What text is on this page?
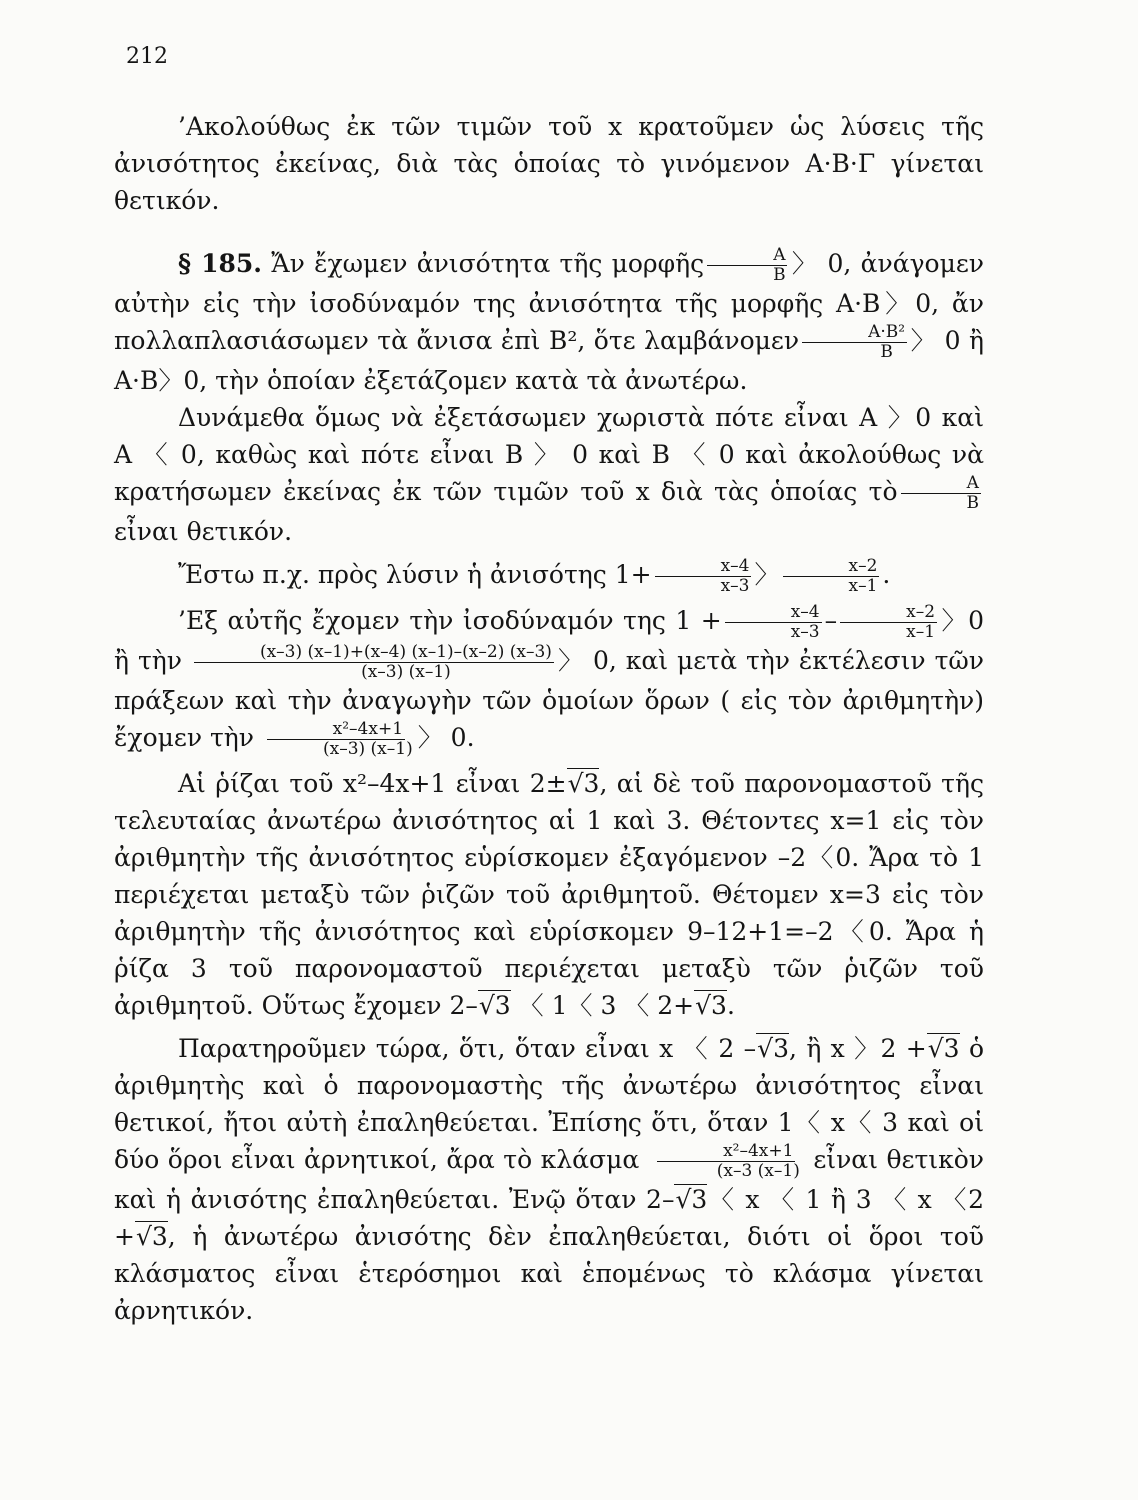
212

’Ακολούθως ἐκ τῶν τιμῶν τοῦ x κρατοῦμεν ὡς λύσεις τῆς ἀνισότητος ἐκείνας, διὰ τὰς ὁποίας τὸ γινόμενον Α·Β·Γ γίνεται θετικόν.

§ 185. Ἄν ἔχωμεν ἀνισότητα τῆς μορφῆς $\frac{A}{B}$ 〉 0, ἀνάγομεν αὐτὴν εἰς τὴν ἰσοδύναμόν της ἀνισότητα τῆς μορφῆς Α·Β〉0, ἄν πολλαπλασιάσωμεν τὰ ἄνισα ἐπὶ B², ὅτε λαμβάνομεν $\frac{\text{A·B²}}{B}$ 〉 0 ἢ Α·Β〉0, τὴν ὁποίαν ἐξετάζομεν κατὰ τὰ ἀνωτέρω.

Δυνάμεθα ὅμως νὰ ἐξετάσωμεν χωριστὰ πότε εἶναι Α 〉0 καὶ Α 〈 0, καθὼς καὶ πότε εἶναι Β 〉 0 καὶ Β 〈 0 καὶ ἀκολούθως νὰ κρατήσωμεν ἐκείνας ἐκ τῶν τιμῶν τοῦ x διὰ τὰς ὁποίας τὸ $\frac{A}{B}$
εἶναι θετικόν.

Ἔστω π.χ. πρὸς λύσιν ἡ ἀνισότης $1+ \frac{x-4}{x-3}$ 〉 $\frac{x-2}{x-1}$ .

’Εξ αὐτῆς ἔχομεν τὴν ἰσοδύναμόν της $1 + \frac{x-4}{x-3} - \frac{x-2}{x-1}$ 〉0 ἢ τὴν $\frac{(x-3) (x-1)+(x-4) (x-1)-(x-2) (x-3)}{(x-3) (x-1)}$ 〉 0, καὶ μετὰ τὴν ἐκτέλεσιν τῶν πράξεων καὶ τὴν ἀναγωγὴν τῶν ὁμοίων ὅρων ( εἰς τὸν ἀριθμητὴν) ἔχομεν τὴν $\frac{\text{x²–4x+1}}{(x-3) (x-1)}$ 〉 0.

Αἱ ῥίζαι τοῦ x²–4x+1 εἶναι 2±√3, αἱ δὲ τοῦ παρονομαστοῦ τῆς τελευταίας ἀνωτέρω ἀνισότητος αἱ 1 καὶ 3. Θέτοντες x=1 εἰς τὸν ἀριθμητὴν τῆς ἀνισότητος εὑρίσκομεν ἐξαγόμενον –2〈0. Ἄρα τὸ 1 περιέχεται μεταξὺ τῶν ῥιζῶν τοῦ ἀριθμητοῦ. Θέτομεν x=3 εἰς τὸν ἀριθμητὴν τῆς ἀνισότητος καὶ εὑρίσκομεν 9–12+1=–2〈0. Ἄρα ἡ ῥίζα 3 τοῦ παρονομαστοῦ περιέχεται μεταξὺ τῶν ῥιζῶν τοῦ ἀριθμητοῦ. Οὕτως ἔχομεν 2–√3 〈 1〈 3 〈 2+√3.

Παρατηροῦμεν τώρα, ὅτι, ὅταν εἶναι x 〈 2 –√3, ἢ x 〉2 +√3 ὁ ἀριθμητὴς καὶ ὁ παρονομαστὴς τῆς ἀνωτέρω ἀνισότητος εἶναι θετικοί, ἤτοι αὐτὴ ἐπαληθεύεται. Ἐπίσης ὅτι, ὅταν 1〈 x〈 3 καὶ οἱ δύο ὅροι εἶναι ἀρνητικοί, ἄρα τὸ κλάσμα $\frac{\text{x²–4x+1}}{(x-3 (x-1)}$ εἶναι θετικὸν καὶ ἡ ἀνισότης ἐπαληθεύεται. Ἐνῷ ὅταν 2–√3〈 x 〈 1 ἢ 3 〈 x 〈2 +√3, ἡ ἀνωτέρω ἀνισότης δὲν ἐπαληθεύεται, διότι οἱ ὅροι τοῦ κλάσματος εἶναι ἑτερόσημοι καὶ ἑπομένως τὸ κλάσμα γίνεται ἀρνητικόν.
